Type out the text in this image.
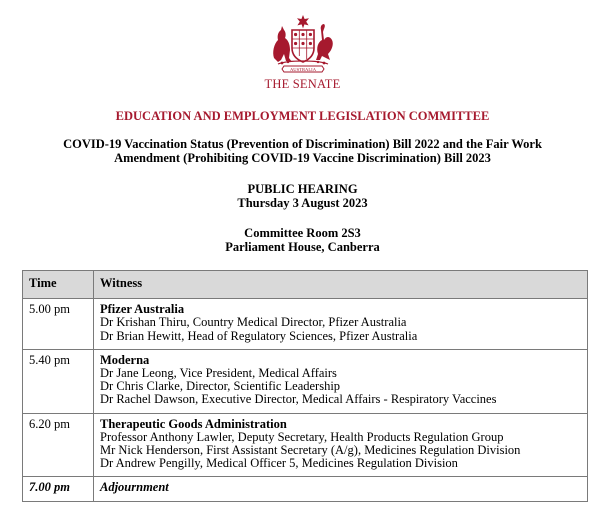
AUSTRALIA
THE SENATE
EDUCATION AND EMPLOYMENT LEGISLATION COMMITTEE
COVID-19 Vaccination Status (Prevention of Discrimination) Bill 2022 and the Fair Work
Amendment (Prohibiting COVID-19 Vaccine Discrimination) Bill 2023
PUBLIC HEARING
Thursday 3 August 2023
Committee Room 2S3
Parliament House, Canberra
Time	Witness
5.00 pm	Pfizer Australia
Dr Krishan Thiru, Country Medical Director, Pfizer Australia
Dr Brian Hewitt, Head of Regulatory Sciences, Pfizer Australia

5.40 pm	Moderna
Dr Jane Leong, Vice President, Medical Affairs
Dr Chris Clarke, Director, Scientific Leadership
Dr Rachel Dawson, Executive Director, Medical Affairs - Respiratory Vaccines

6.20 pm	Therapeutic Goods Administration
Professor Anthony Lawler, Deputy Secretary, Health Products Regulation Group
Mr Nick Henderson, First Assistant Secretary (A/g), Medicines Regulation Division
Dr Andrew Pengilly, Medical Officer 5, Medicines Regulation Division

7.00 pm	Adjournment
